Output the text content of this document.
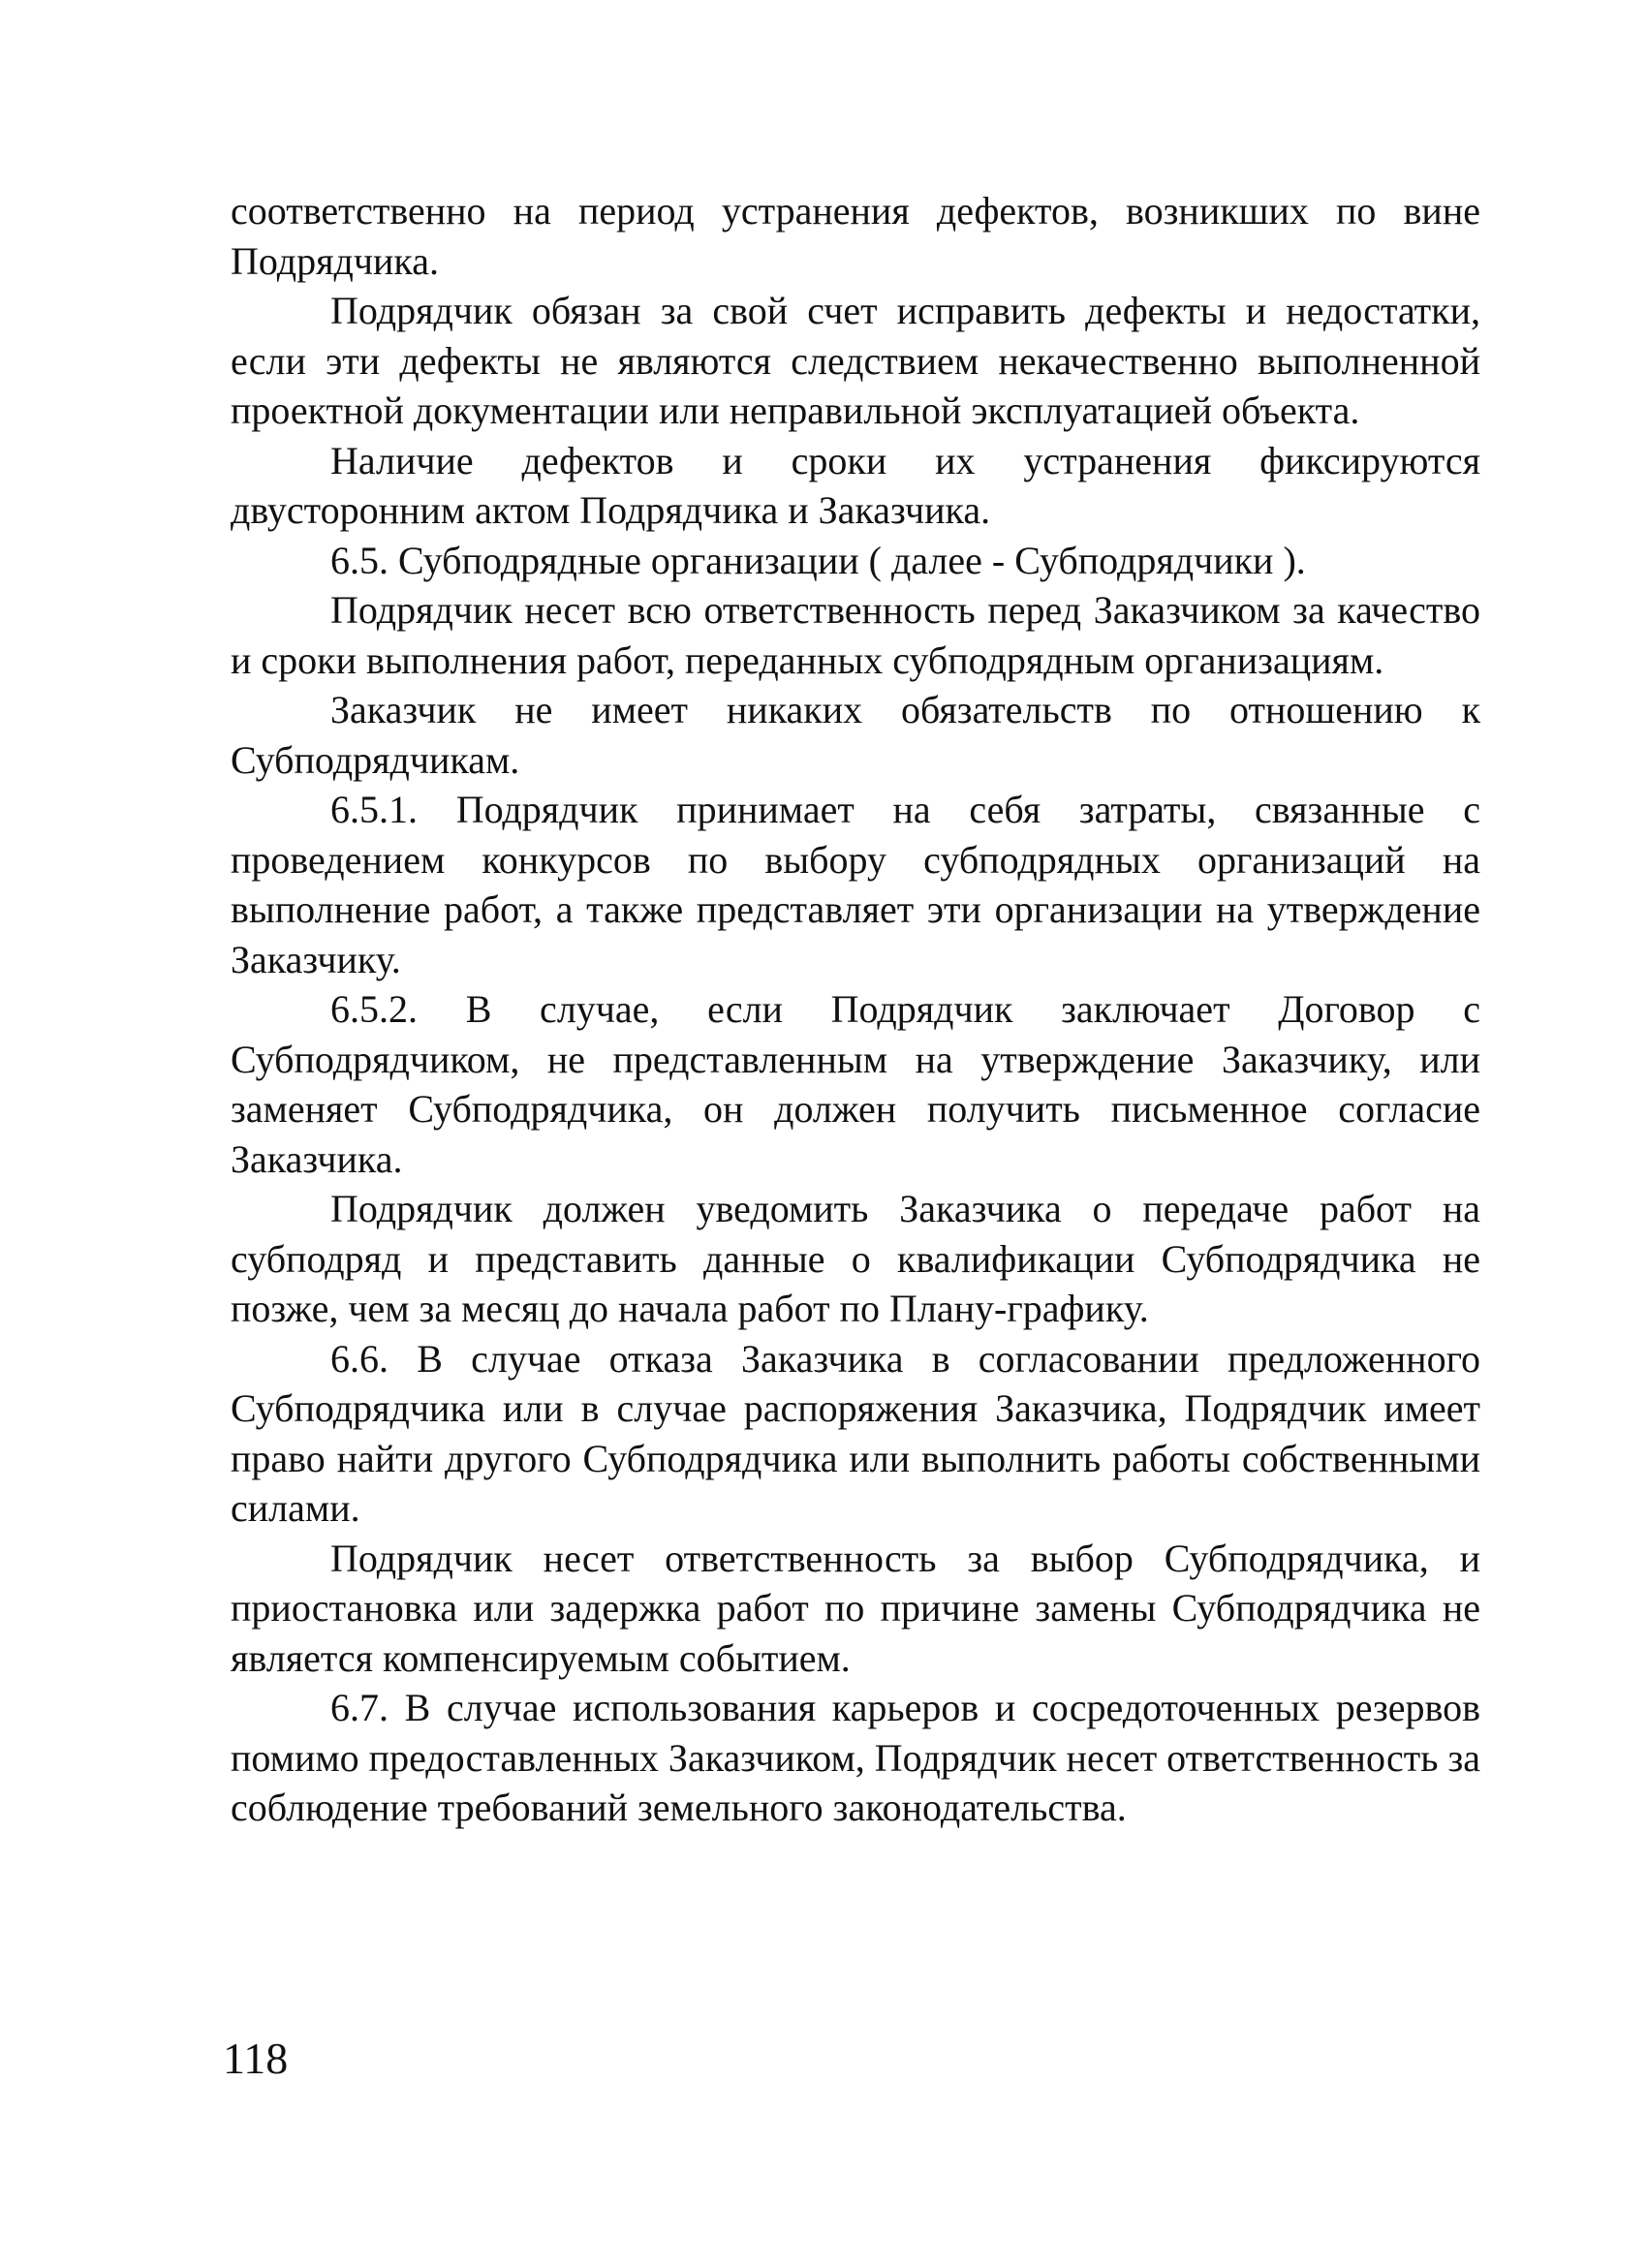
соответственно на период устранения дефектов, возникших по вине Подрядчика.

Подрядчик обязан за свой счет исправить дефекты и недостатки, если эти дефекты не являются следствием некачественно выполненной проектной документации или неправильной эксплуатацией объекта.

Наличие дефектов и сроки их устранения фиксируются двусторонним актом Подрядчика и Заказчика.

6.5. Субподрядные организации ( далее - Субподрядчики ).

Подрядчик несет всю ответственность перед Заказчиком за качество и сроки выполнения работ, переданных субподрядным организациям.

Заказчик не имеет никаких обязательств по отношению к Субподрядчикам.

6.5.1. Подрядчик принимает на себя затраты, связанные с проведением конкурсов по выбору субподрядных организаций на выполнение работ, а также представляет эти организации на утверждение Заказчику.

6.5.2. В случае, если Подрядчик заключает Договор с Субподрядчиком, не представленным на утверждение Заказчику, или заменяет Субподрядчика, он должен получить письменное согласие Заказчика.

Подрядчик должен уведомить Заказчика о передаче работ на субподряд и представить данные о квалификации Субподрядчика не позже, чем за месяц до начала работ по Плану-графику.

6.6. В случае отказа Заказчика в согласовании предложенного Субподрядчика или в случае распоряжения Заказчика, Подрядчик имеет право найти другого Субподрядчика или выполнить работы собственными силами.

Подрядчик несет ответственность за выбор Субподрядчика, и приостановка или задержка работ по причине замены Субподрядчика не является компенсируемым событием.

6.7. В случае использования карьеров и сосредоточенных резервов помимо предоставленных Заказчиком, Подрядчик несет ответственность за соблюдение требований земельного законодательства.

118
